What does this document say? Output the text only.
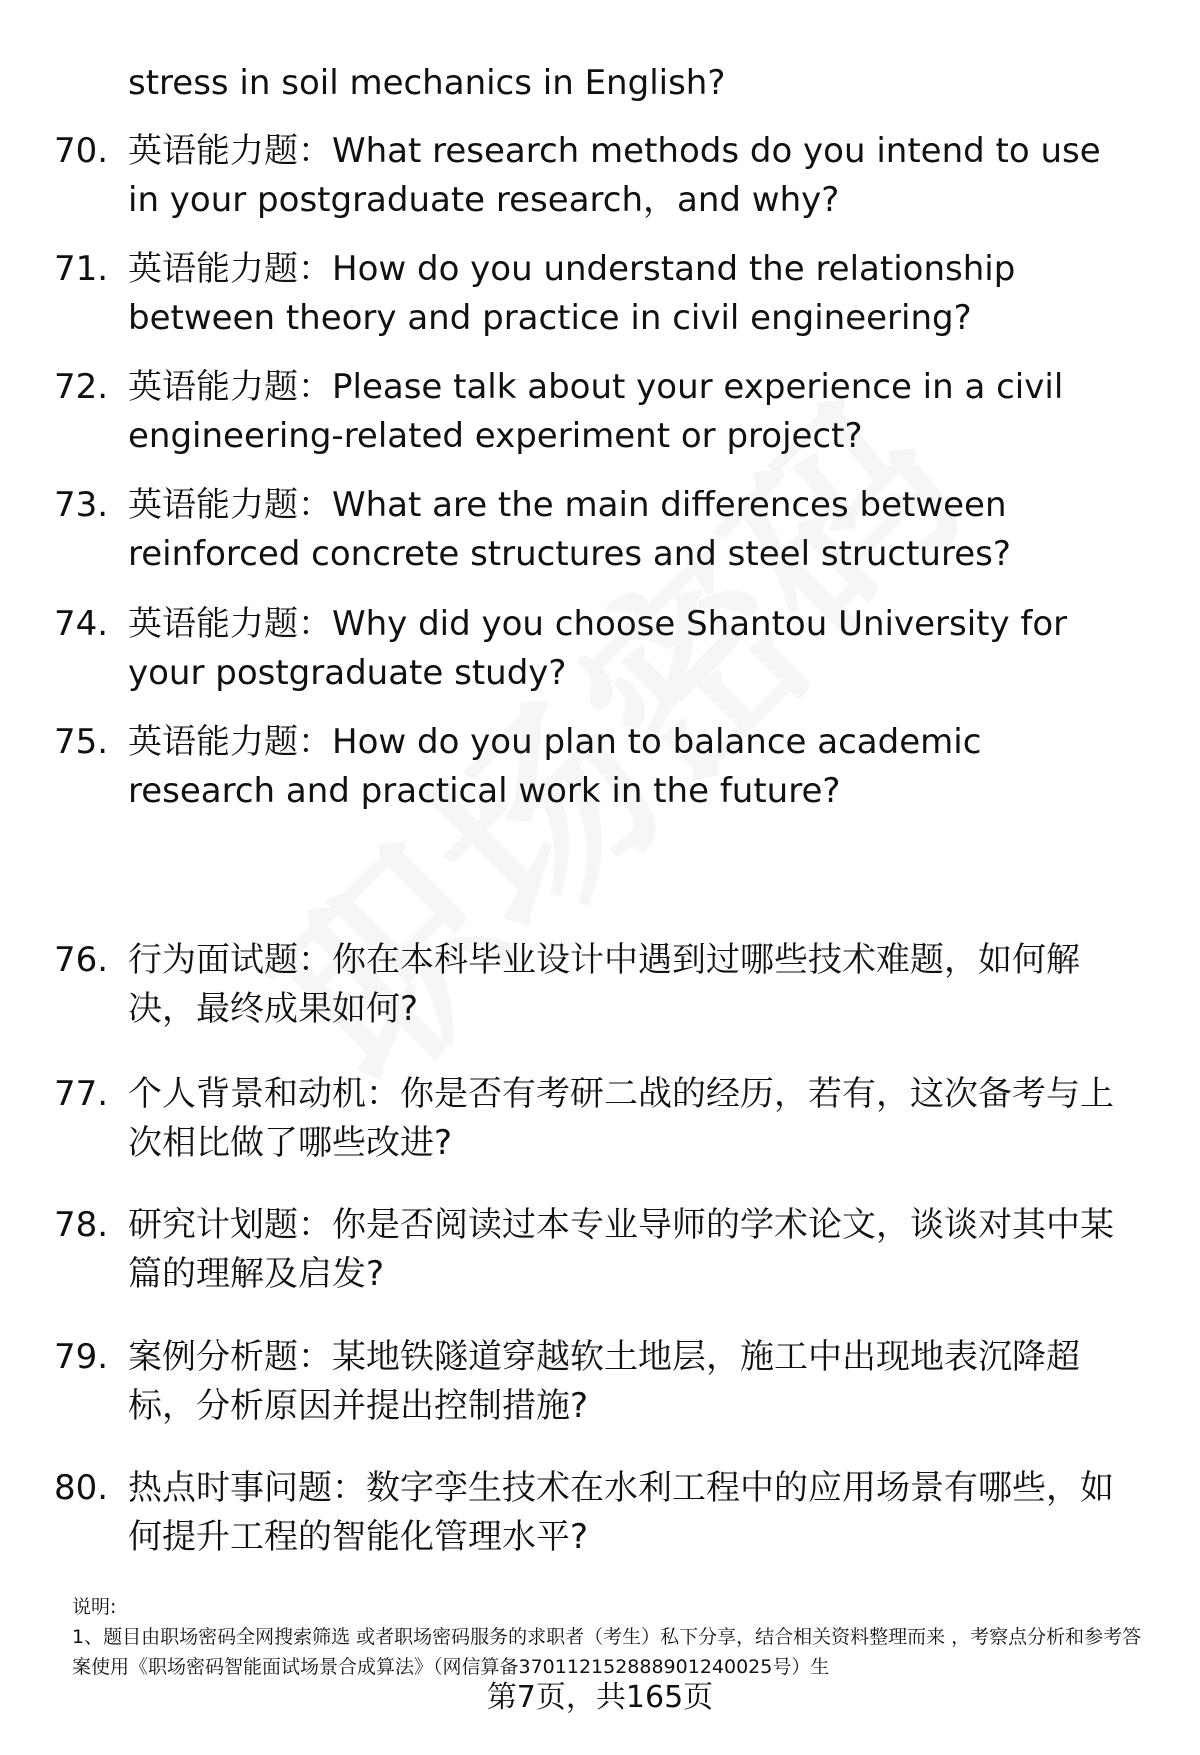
stress in soil mechanics in English?

70. 英语能力题：What research methods do you intend to use in your postgraduate research，and why?

71. 英语能力题：How do you understand the relationship between theory and practice in civil engineering?

72. 英语能力题：Please talk about your experience in a civil engineering-related experiment or project?

73. 英语能力题：What are the main differences between reinforced concrete structures and steel structures?

74. 英语能力题：Why did you choose Shantou University for your postgraduate study?

75. 英语能力题：How do you plan to balance academic research and practical work in the future?

76. 行为面试题：你在本科毕业设计中遇到过哪些技术难题，如何解决，最终成果如何?

77. 个人背景和动机：你是否有考研二战的经历，若有，这次备考与上次相比做了哪些改进?

78. 研究计划题：你是否阅读过本专业导师的学术论文，谈谈对其中某篇的理解及启发?

79. 案例分析题：某地铁隧道穿越软土地层，施工中出现地表沉降超标，分析原因并提出控制措施?

80. 热点时事问题：数字孪生技术在水利工程中的应用场景有哪些，如何提升工程的智能化管理水平?

说明:

1、题目由职场密码全网搜索筛选 或者职场密码服务的求职者（考生）私下分享，结合相关资料整理而来 ，考察点分析和参考答案使用《职场密码智能面试场景合成算法》（网信算备370112152888901240025号）生

第7页，共165页
